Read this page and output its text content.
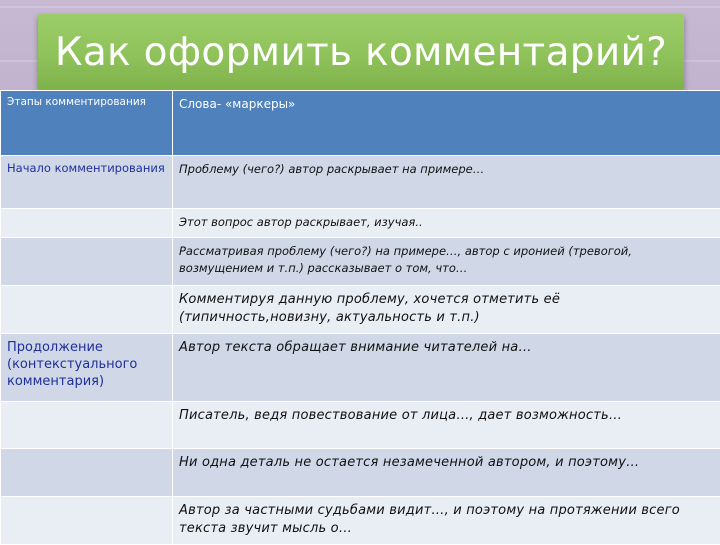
Как оформить комментарий?
Этапы комментирования	Слова- «маркеры»

Начало комментирования	Проблему (чего?) автор раскрывает на примере…

	Этот вопрос автор раскрывает, изучая..

	Рассматривая проблему (чего?) на примере…, автор с иронией (тревогой, возмущением и т.п.) рассказывает о том, что…

	Комментируя данную проблему, хочется отметить её (типичность,новизну, актуальность и т.п.)

Продолжение (контекстуального комментария)	Автор текста обращает внимание читателей на…

	Писатель, ведя повествование от лица…, дает возможность…

	Ни одна деталь не остается незамеченной автором, и поэтому…

	Автор за частными судьбами видит…, и поэтому на протяжении всего текста звучит мысль о…
